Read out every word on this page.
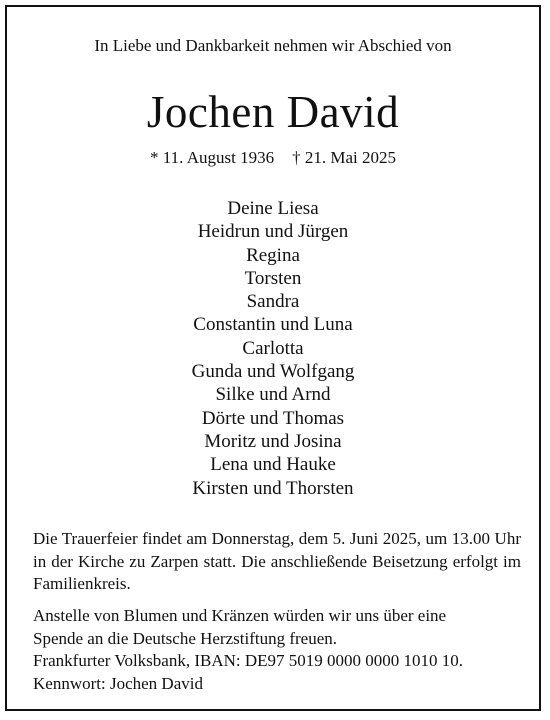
In Liebe und Dankbarkeit nehmen wir Abschied von
Jochen David
* 11. August 1936 † 21. Mai 2025
Deine Liesa
Heidrun und Jürgen
Regina
Torsten
Sandra
Constantin und Luna
Carlotta
Gunda und Wolfgang
Silke und Arnd
Dörte und Thomas
Moritz und Josina
Lena und Hauke
Kirsten und Thorsten

Die Trauerfeier findet am Donnerstag, dem 5. Juni 2025, um 13.00 Uhr in der Kirche zu Zarpen statt. Die anschließende Beisetzung erfolgt im Familienkreis.

Anstelle von Blumen und Kränzen würden wir uns über eine
Spende an die Deutsche Herzstiftung freuen.
Frankfurter Volksbank, IBAN: DE97 5019 0000 0000 1010 10.
Kennwort: Jochen David
